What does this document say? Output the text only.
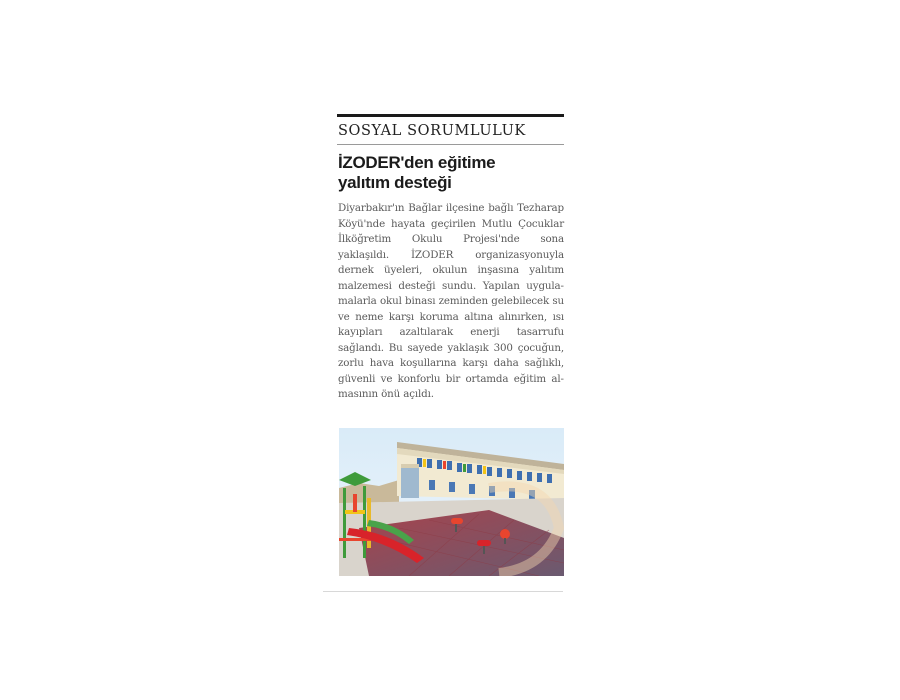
SOSYAL SORUMLULUK
İZODER'den eğitime
yalıtım desteği
Diyarbakır'ın Bağlar ilçesine bağlı Tezharap Köyü'nde hayata geçirilen Mutlu Çocuklar İlköğretim Okulu Projesi'nde sona yaklaşıldı. İZODER organizasyonuyla dernek üyeleri, okulun inşasına yalıtım malzemesi desteği sundu. Yapılan uygulamalarla okul binası zeminden gelebilecek su ve neme karşı koruma altına alınırken, ısı kayıpları azaltılarak enerji tasarrufu sağlandı. Bu sayede yaklaşık 300 çocuğun, zorlu hava koşullarına karşı daha sağlıklı, güvenli ve konforlu bir ortamda eğitim almasının önü açıldı.
